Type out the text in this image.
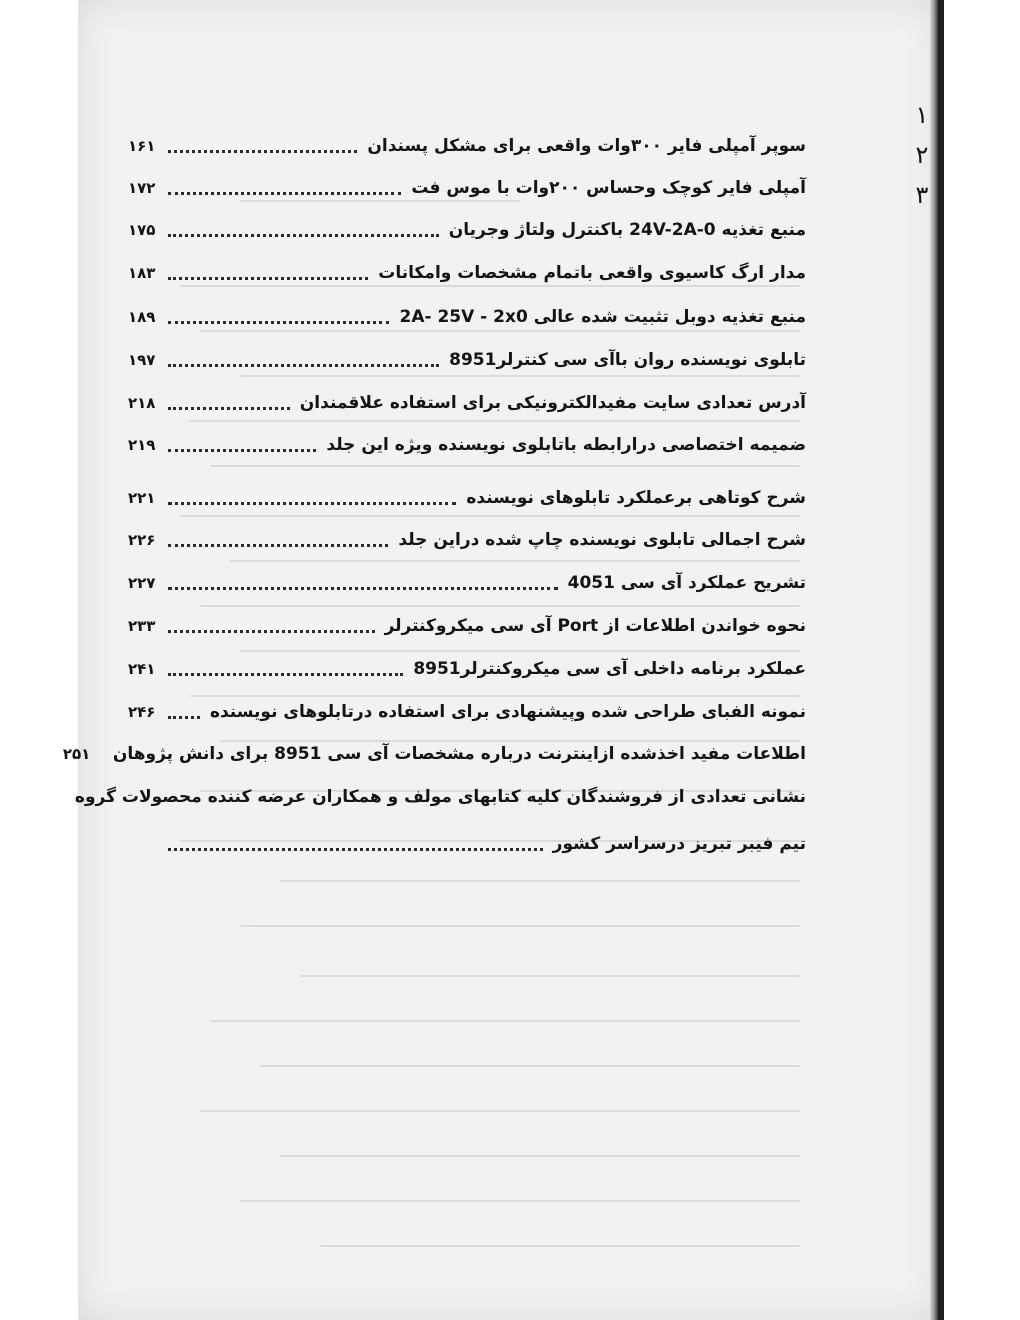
١
٢
٣
سوپر آمپلی فایر ۳۰۰وات واقعی برای مشکل پسندان
۱۶۱
آمپلی فایر کوچک وحساس ۲۰۰وات با موس فت
۱۷۲
منبع تغذیه 0-24V-2A باکنترل ولتاژ وجریان
۱۷۵
مدار ارگ کاسیوی واقعی باتمام مشخصات وامکانات
۱۸۳
منبع تغذیه دوبل تثبیت شده عالی 2A- 25V - 2x0
۱۸۹
تابلوی نویسنده روان باآی سی کنترلر8951
۱۹۷
آدرس تعدادی سایت مفیدالکترونیکی برای استفاده علاقمندان
۲۱۸
ضمیمه اختصاصی درارابطه باتابلوی نویسنده ویژه این جلد
۲۱۹
شرح کوتاهی برعملکرد تابلوهای نویسنده
۲۲۱
شرح اجمالی تابلوی نویسنده چاپ شده دراین جلد
۲۲۶
تشریح عملکرد آی سی 4051
۲۲۷
نحوه خواندن اطلاعات از Port آی سی میکروکنترلر
۲۳۳
عملکرد برنامه داخلی آی سی میکروکنترلر8951
۲۴۱
نمونه الفبای طراحی شده وپیشنهادی برای استفاده درتابلوهای نویسنده
۲۴۶
اطلاعات مفید اخذشده ازاینترنت درباره مشخصات آی سی 8951 برای دانش پژوهان
۲۵۱
نشانی تعدادی از فروشندگان کلیه کتابهای مولف و همکاران عرضه کننده محصولات گروه
تیم فیبر تبریز درسراسر کشور
